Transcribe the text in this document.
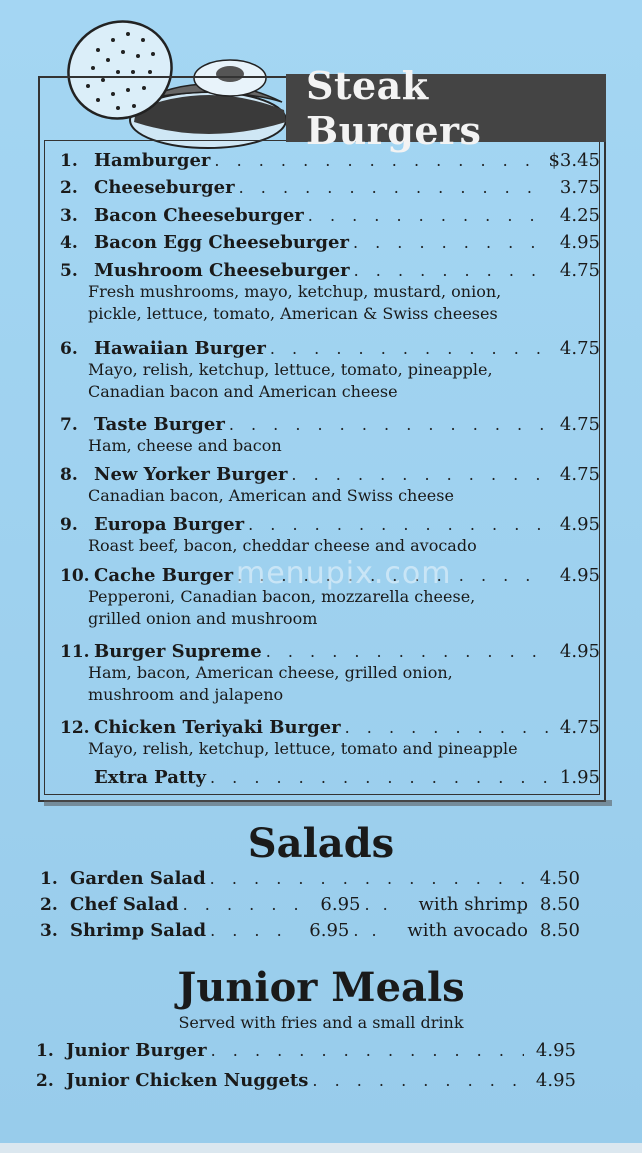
Steak Burgers
1. Hamburger . . .	$3.45
2. Cheeseburger . . .	3.75
3. Bacon Cheeseburger . . .	4.25
4. Bacon Egg Cheeseburger . . .	4.95
5. Mushroom Cheeseburger . . .	4.75
Fresh mushrooms, mayo, ketchup, mustard, onion,
pickle, lettuce, tomato, American & Swiss cheeses
6. Hawaiian Burger . . .	4.75
Mayo, relish, ketchup, lettuce, tomato, pineapple,
Canadian bacon and American cheese
7. Taste Burger . . .	4.75
Ham, cheese and bacon
8. New Yorker Burger . . .	4.75
Canadian bacon, American and Swiss cheese
9. Europa Burger . . .	4.95
Roast beef, bacon, cheddar cheese and avocado
10. Cache Burger . . .	4.95
Pepperoni, Canadian bacon, mozzarella cheese,
grilled onion and mushroom
11. Burger Supreme . . .	4.95
Ham, bacon, American cheese, grilled onion,
mushroom and jalapeno
12. Chicken Teriyaki Burger . . .	4.75
Mayo, relish, ketchup, lettuce, tomato and pineapple
Extra Patty . . .	1.95
menupix.com
Salads
1. Garden Salad . . .	4.50
2. Chef Salad . . .	6.95 . . .	with shrimp 8.50
3. Shrimp Salad . . .	6.95 . . .	with avocado 8.50
Junior Meals
Served with fries and a small drink
1. Junior Burger . . .	4.95
2. Junior Chicken Nuggets . . .	4.95
